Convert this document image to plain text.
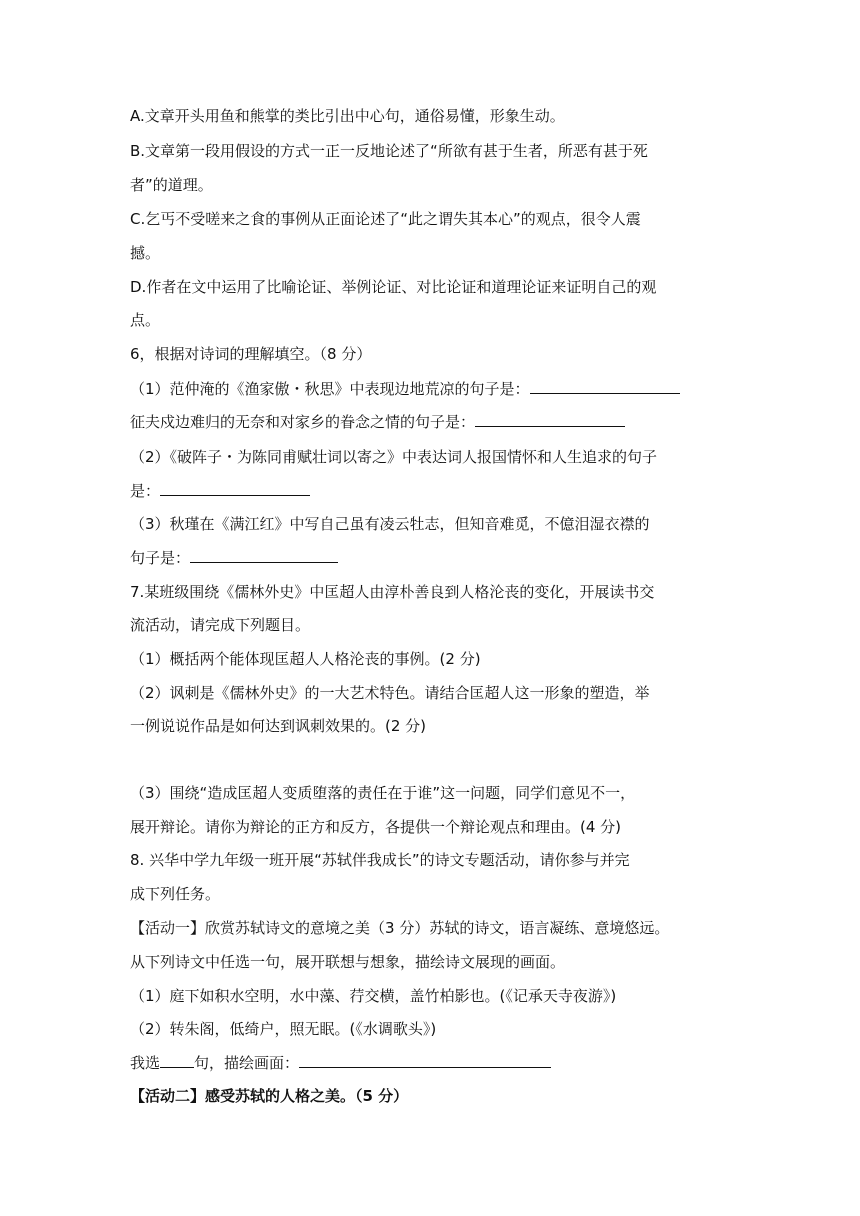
A.文章开头用鱼和熊掌的类比引出中心句，通俗易懂，形象生动。
B.文章第一段用假设的方式一正一反地论述了“所欲有甚于生者，所恶有甚于死
者”的道理。
C.乞丐不受嗟来之食的事例从正面论述了“此之谓失其本心”的观点，很令人震
撼。
D.作者在文中运用了比喻论证、举例论证、对比论证和道理论证来证明自己的观
点。
6，根据对诗词的理解填空。（8 分）
（1）范仲淹的《渔家傲・秋思》中表现边地荒凉的句子是：
征夫戍边难归的无奈和对家乡的眷念之情的句子是：
（2）《破阵子・为陈同甫赋壮词以寄之》中表达词人报国情怀和人生追求的句子
是：
（3）秋瑾在《满江红》中写自己虽有凌云牡志，但知音难觅，不億泪湿衣襟的
句子是：
7.某班级围绕《儒林外史》中匡超人由淳朴善良到人格沦丧的变化，开展读书交
流活动，请完成下列题目。
（1）概括两个能体现匡超人人格沦丧的事例。(2 分)
（2）讽刺是《儒林外史》的一大艺术特色。请结合匡超人这一形象的塑造，举
一例说说作品是如何达到讽刺效果的。(2 分)
（3）围绕“造成匡超人变质堕落的责任在于谁”这一问题，同学们意见不一，
展开辩论。请你为辩论的正方和反方，各提供一个辩论观点和理由。(4 分)
8. 兴华中学九年级一班开展“苏轼伴我成长”的诗文专题活动，请你参与并完
成下列任务。
【活动一】欣赏苏轼诗文的意境之美（3 分）苏轼的诗文，语言凝练、意境悠远。
从下列诗文中任选一句，展开联想与想象，描绘诗文展现的画面。
（1）庭下如积水空明，水中藻、荇交横，盖竹柏影也。(《记承天寺夜游》)
（2）转朱阁，低绮户，照无眠。(《水调歌头》)
我选 句，描绘画面：
【活动二】感受苏轼的人格之美。（5 分）
